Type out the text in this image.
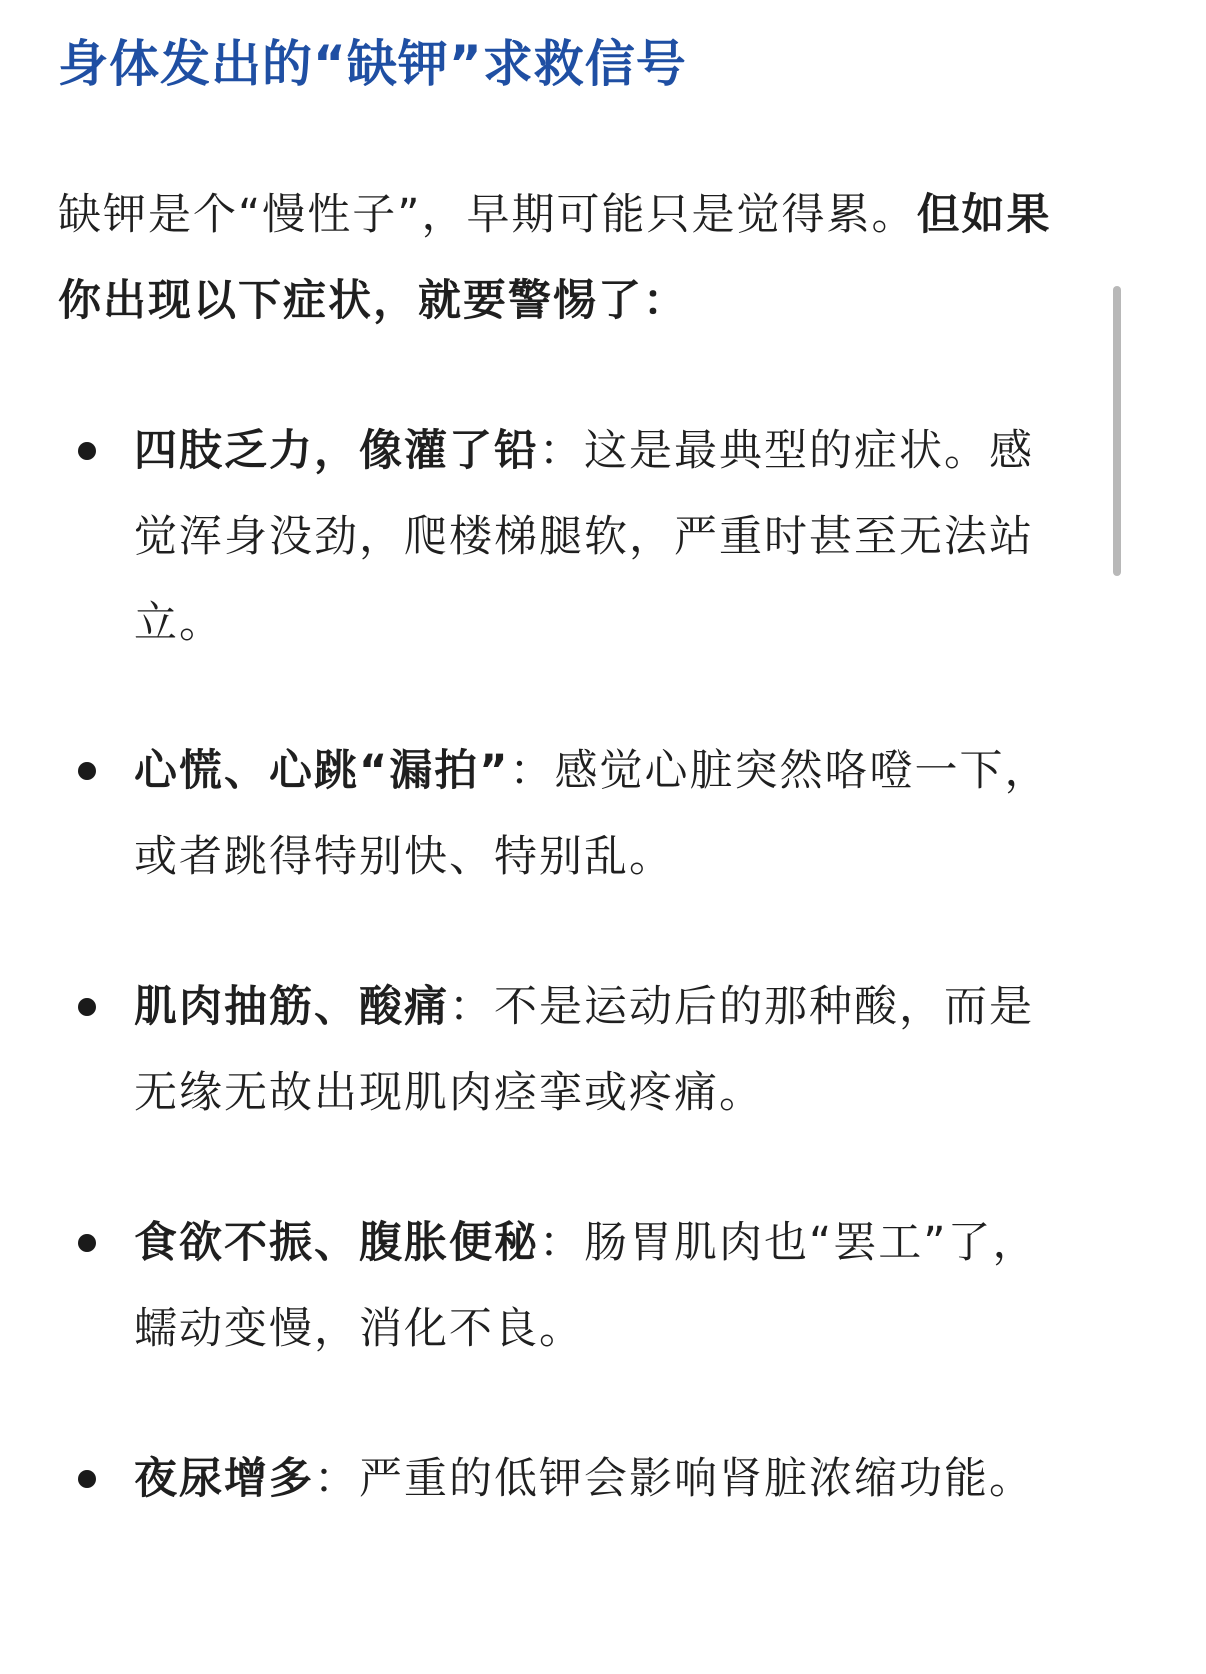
身体发出的“缺钾”求救信号

缺钾是个“慢性子”，早期可能只是觉得累。但如果你出现以下症状，就要警惕了：

四肢乏力，像灌了铅：这是最典型的症状。感觉浑身没劲，爬楼梯腿软，严重时甚至无法站立。
心慌、心跳“漏拍”：感觉心脏突然咯噔一下，或者跳得特别快、特别乱。
肌肉抽筋、酸痛：不是运动后的那种酸，而是无缘无故出现肌肉痉挛或疼痛。
食欲不振、腹胀便秘：肠胃肌肉也“罢工”了，蠕动变慢，消化不良。
夜尿增多：严重的低钾会影响肾脏浓缩功能。
